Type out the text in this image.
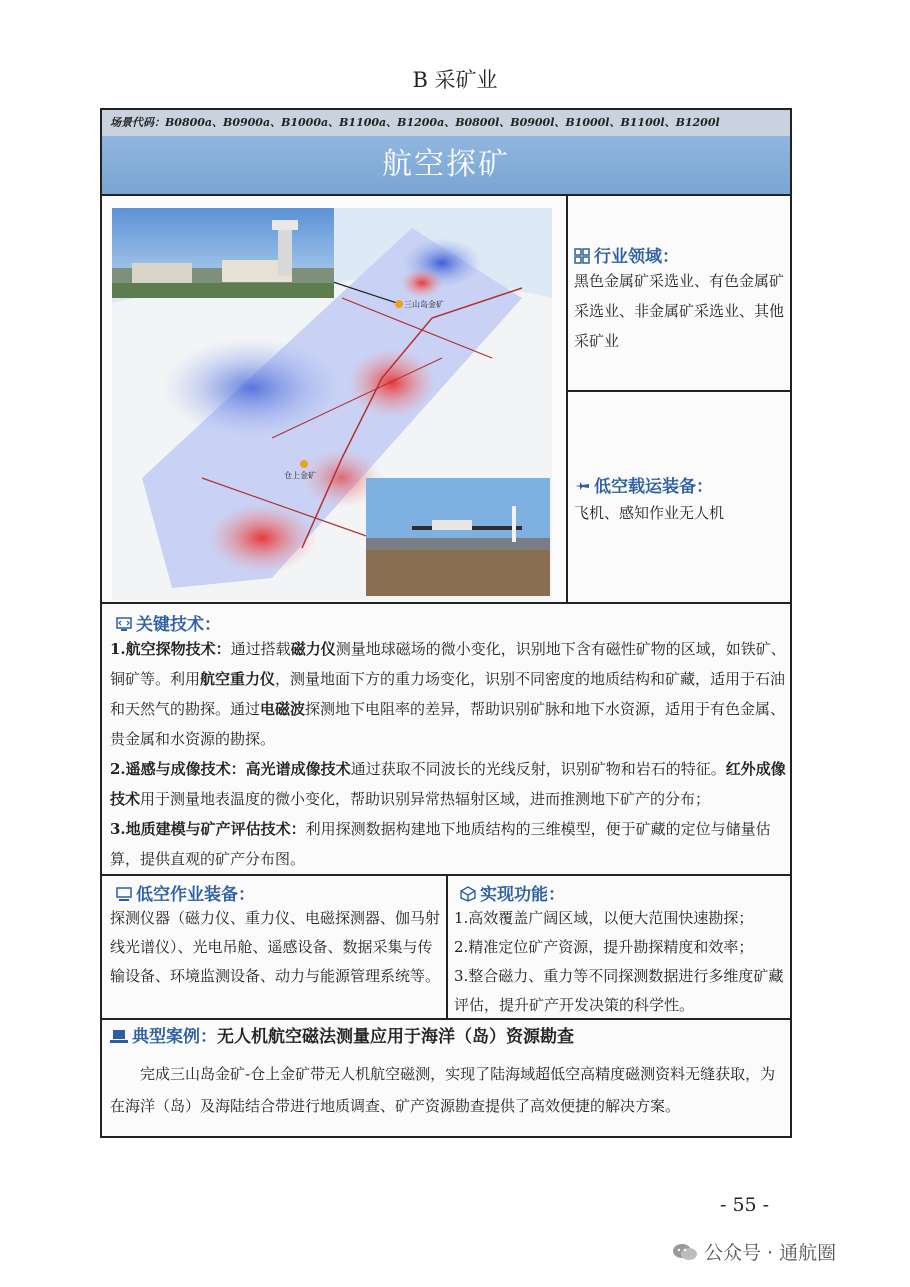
B 采矿业
场景代码：B0800a、B0900a、B1000a、B1100a、B1200a、B0800l、B0900l、B1000l、B1100l、B1200l
航空探矿
三山岛金矿
仓上金矿
行业领域：
黑色金属矿采选业、有色金属矿采选业、非金属矿采选业、其他采矿业
低空载运装备：
飞机、感知作业无人机
关键技术：
1.航空探物技术：通过搭载磁力仪测量地球磁场的微小变化，识别地下含有磁性矿物的区域，如铁矿、铜矿等。利用航空重力仪，测量地面下方的重力场变化，识别不同密度的地质结构和矿藏，适用于石油和天然气的勘探。通过电磁波探测地下电阻率的差异，帮助识别矿脉和地下水资源，适用于有色金属、贵金属和水资源的勘探。
2.遥感与成像技术：高光谱成像技术通过获取不同波长的光线反射，识别矿物和岩石的特征。红外成像技术用于测量地表温度的微小变化，帮助识别异常热辐射区域，进而推测地下矿产的分布；
3.地质建模与矿产评估技术：利用探测数据构建地下地质结构的三维模型，便于矿藏的定位与储量估算，提供直观的矿产分布图。
低空作业装备：
探测仪器（磁力仪、重力仪、电磁探测器、伽马射线光谱仪）、光电吊舱、遥感设备、数据采集与传输设备、环境监测设备、动力与能源管理系统等。
实现功能：
1.高效覆盖广阔区域，以便大范围快速勘探；
2.精准定位矿产资源，提升勘探精度和效率；
3.整合磁力、重力等不同探测数据进行多维度矿藏评估，提升矿产开发决策的科学性。
典型案例：无人机航空磁法测量应用于海洋（岛）资源勘查
完成三山岛金矿-仓上金矿带无人机航空磁测，实现了陆海域超低空高精度磁测资料无缝获取，为在海洋（岛）及海陆结合带进行地质调查、矿产资源勘查提供了高效便捷的解决方案。
- 55 -
公众号 · 通航圈
